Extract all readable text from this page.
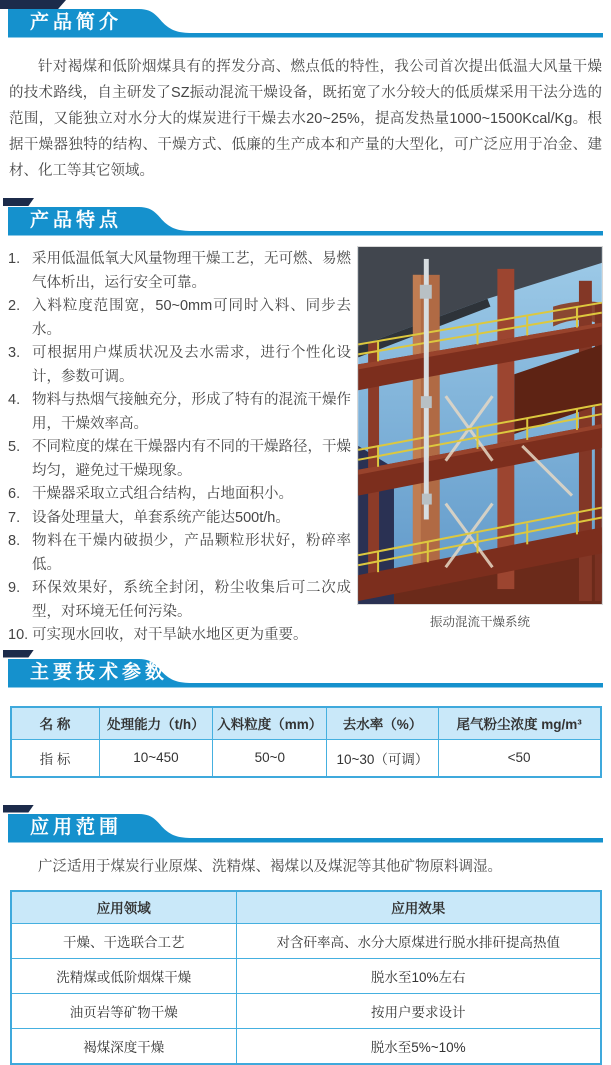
产品简介

针对褐煤和低阶烟煤具有的挥发分高、燃点低的特性，我公司首次提出低温大风量干燥的技术路线，自主研发了SZ振动混流干燥设备，既拓宽了水分较大的低质煤采用干法分选的范围，又能独立对水分大的煤炭进行干燥去水20~25%，提高发热量1000~1500Kcal/Kg。根据干燥器独特的结构、干燥方式、低廉的生产成本和产量的大型化，可广泛应用于冶金、建材、化工等其它领域。

产品特点
1. 采用低温低氧大风量物理干燥工艺，无可燃、易燃气体析出，运行安全可靠。
2. 入料粒度范围宽，50~0mm可同时入料、同步去水。
3. 可根据用户煤质状况及去水需求，进行个性化设计，参数可调。
4. 物料与热烟气接触充分，形成了特有的混流干燥作用，干燥效率高。
5. 不同粒度的煤在干燥器内有不同的干燥路径，干燥均匀，避免过干燥现象。
6. 干燥器采取立式组合结构，占地面积小。
7. 设备处理量大，单套系统产能达500t/h。
8. 物料在干燥内破损少，产品颗粒形状好，粉碎率低。
9. 环保效果好，系统全封闭，粉尘收集后可二次成型，对环境无任何污染。
10. 可实现水回收，对干旱缺水地区更为重要。
振动混流干燥系统
主要技术参数
名 称	处理能力（t/h）	入料粒度（mm）	去水率（%）	尾气粉尘浓度 mg/m³
指 标	10~450	50~0	10~30（可调）	<50
应用范围

广泛适用于煤炭行业原煤、洗精煤、褐煤以及煤泥等其他矿物原料调湿。

应用领域	应用效果
干燥、干选联合工艺	对含矸率高、水分大原煤进行脱水排矸提高热值
洗精煤或低阶烟煤干燥	脱水至10%左右
油页岩等矿物干燥	按用户要求设计
褐煤深度干燥	脱水至5%~10%
